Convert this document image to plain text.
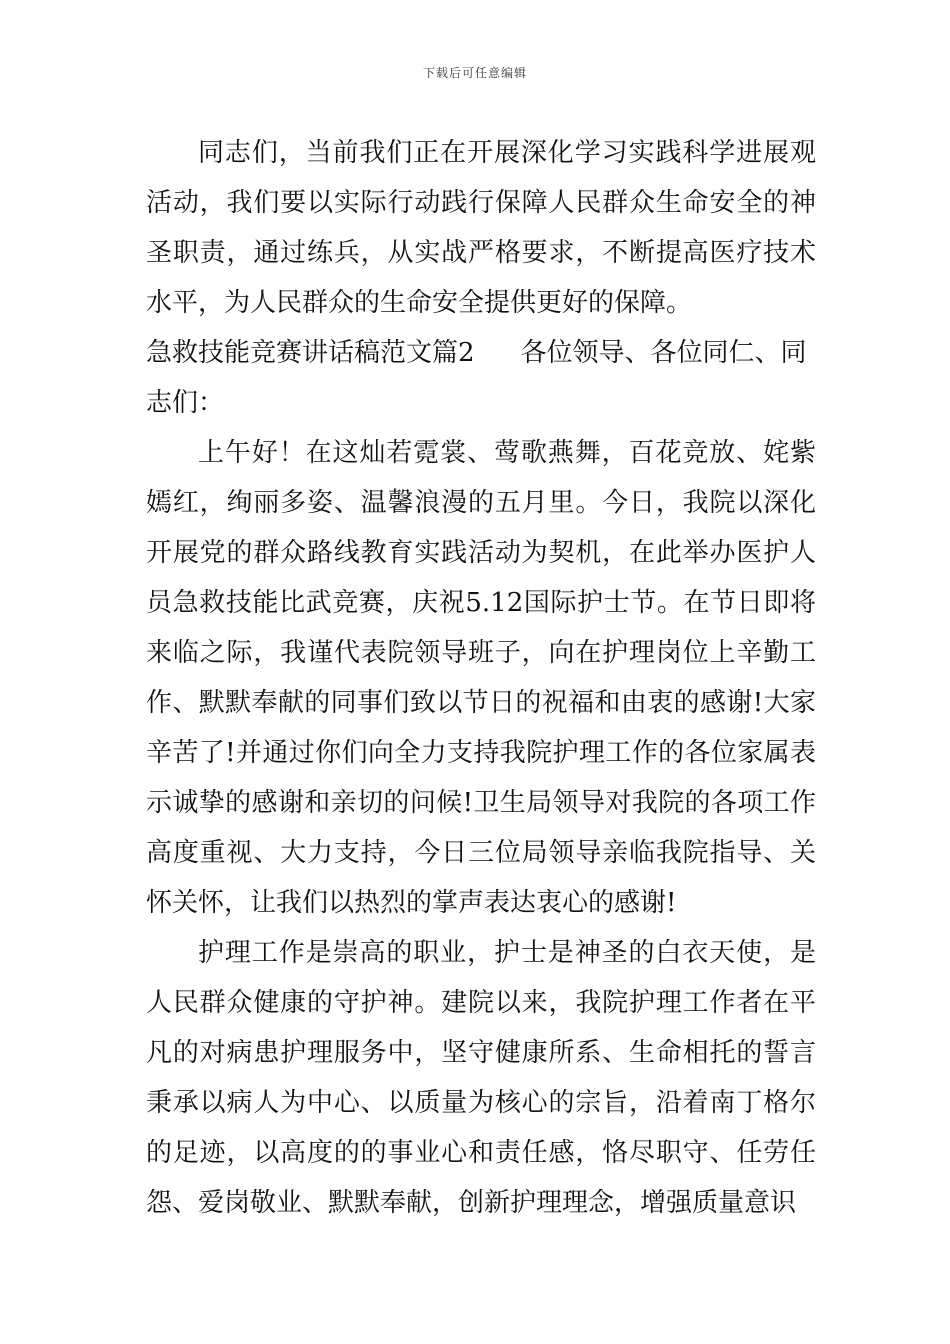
下载后可任意编辑

同志们，当前我们正在开展深化学习实践科学进展观活动，我们要以实际行动践行保障人民群众生命安全的神圣职责，通过练兵，从实战严格要求，不断提高医疗技术水平，为人民群众的生命安全提供更好的保障。

急救技能竞赛讲话稿范文篇2 各位领导、各位同仁、同志们：

上午好！在这灿若霓裳、莺歌燕舞，百花竞放、姹紫嫣红，绚丽多姿、温馨浪漫的五月里。今日，我院以深化开展党的群众路线教育实践活动为契机，在此举办医护人员急救技能比武竞赛，庆祝5.12国际护士节。在节日即将来临之际，我谨代表院领导班子，向在护理岗位上辛勤工作、默默奉献的同事们致以节日的祝福和由衷的感谢!大家辛苦了!并通过你们向全力支持我院护理工作的各位家属表示诚挚的感谢和亲切的问候!卫生局领导对我院的各项工作高度重视、大力支持，今日三位局领导亲临我院指导、关怀关怀，让我们以热烈的掌声表达衷心的感谢!

护理工作是崇高的职业，护士是神圣的白衣天使，是人民群众健康的守护神。建院以来，我院护理工作者在平凡的对病患护理服务中，坚守健康所系、生命相托的誓言秉承以病人为中心、以质量为核心的宗旨，沿着南丁格尔的足迹，以高度的的事业心和责任感，恪尽职守、任劳任怨、爱岗敬业、默默奉献，创新护理理念，增强质量意识
